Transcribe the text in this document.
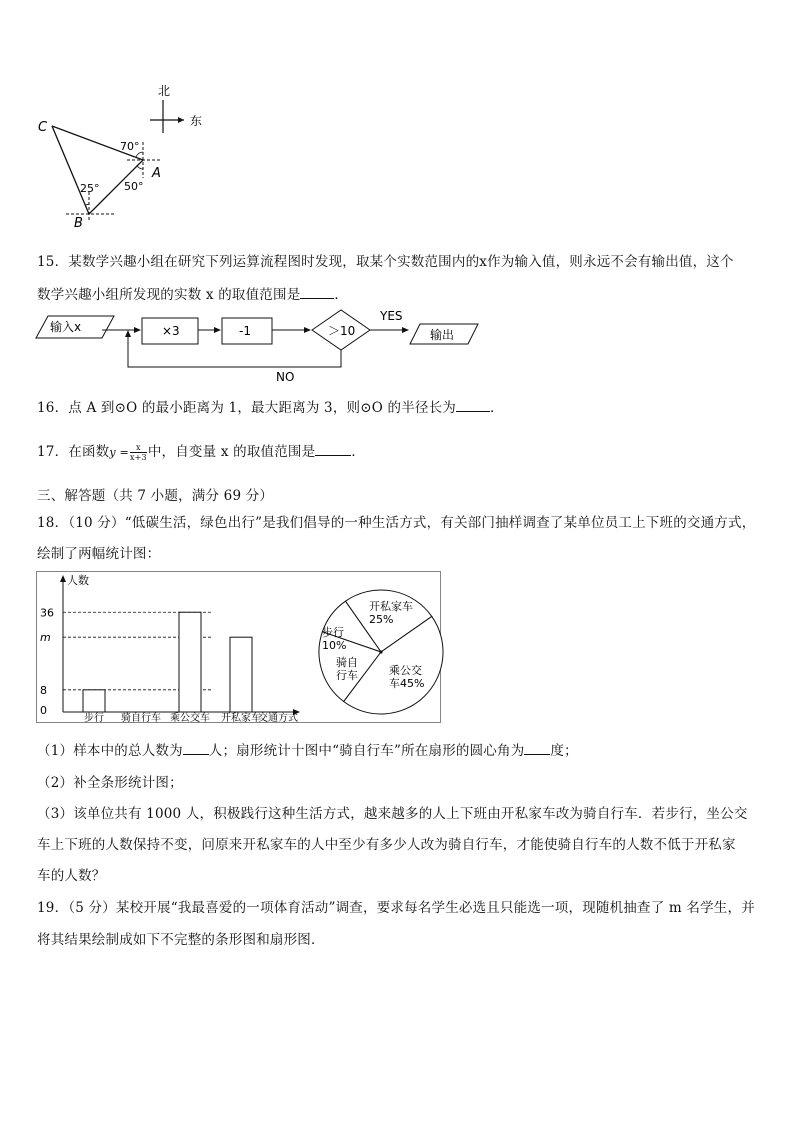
北
东
70°
50°
25°
C
A
B
15．某数学兴趣小组在研究下列运算流程图时发现，取某个实数范围内的x作为输入值，则永远不会有输出值，这个
数学兴趣小组所发现的实数 x 的取值范围是	．
输入x	×3	-1	＞10
YES
输出
NO
16．点 A 到⊙O 的最小距离为 1，最大距离为 3，则⊙O 的半径长为	．
17．在函数$y = \frac{x}{x+3}$ 中，自变量 x 的取值范围是	．
三、解答题（共 7 小题，满分 69 分）
18．（10 分）“低碳生活，绿色出行”是我们倡导的一种生活方式，有关部门抽样调查了某单位员工上下班的交通方式，
绘制了两幅统计图：
人数
交通方式
0
8
m
36
步行 骑自行车 乘公交车 开私家车
开私家车
25%
步行
10%
骑自
行车	乘公交
车45%
（1）样本中的总人数为 人；扇形统计十图中“骑自行车”所在扇形的圆心角为 度；
（2）补全条形统计图；
（3）该单位共有 1000 人，积极践行这种生活方式，越来越多的人上下班由开私家车改为骑自行车．若步行，坐公交
车上下班的人数保持不变，问原来开私家车的人中至少有多少人改为骑自行车，才能使骑自行车的人数不低于开私家
车的人数？
19．（5 分）某校开展“我最喜爱的一项体育活动”调查，要求每名学生必选且只能选一项，现随机抽查了 m 名学生，并
将其结果绘制成如下不完整的条形图和扇形图．
